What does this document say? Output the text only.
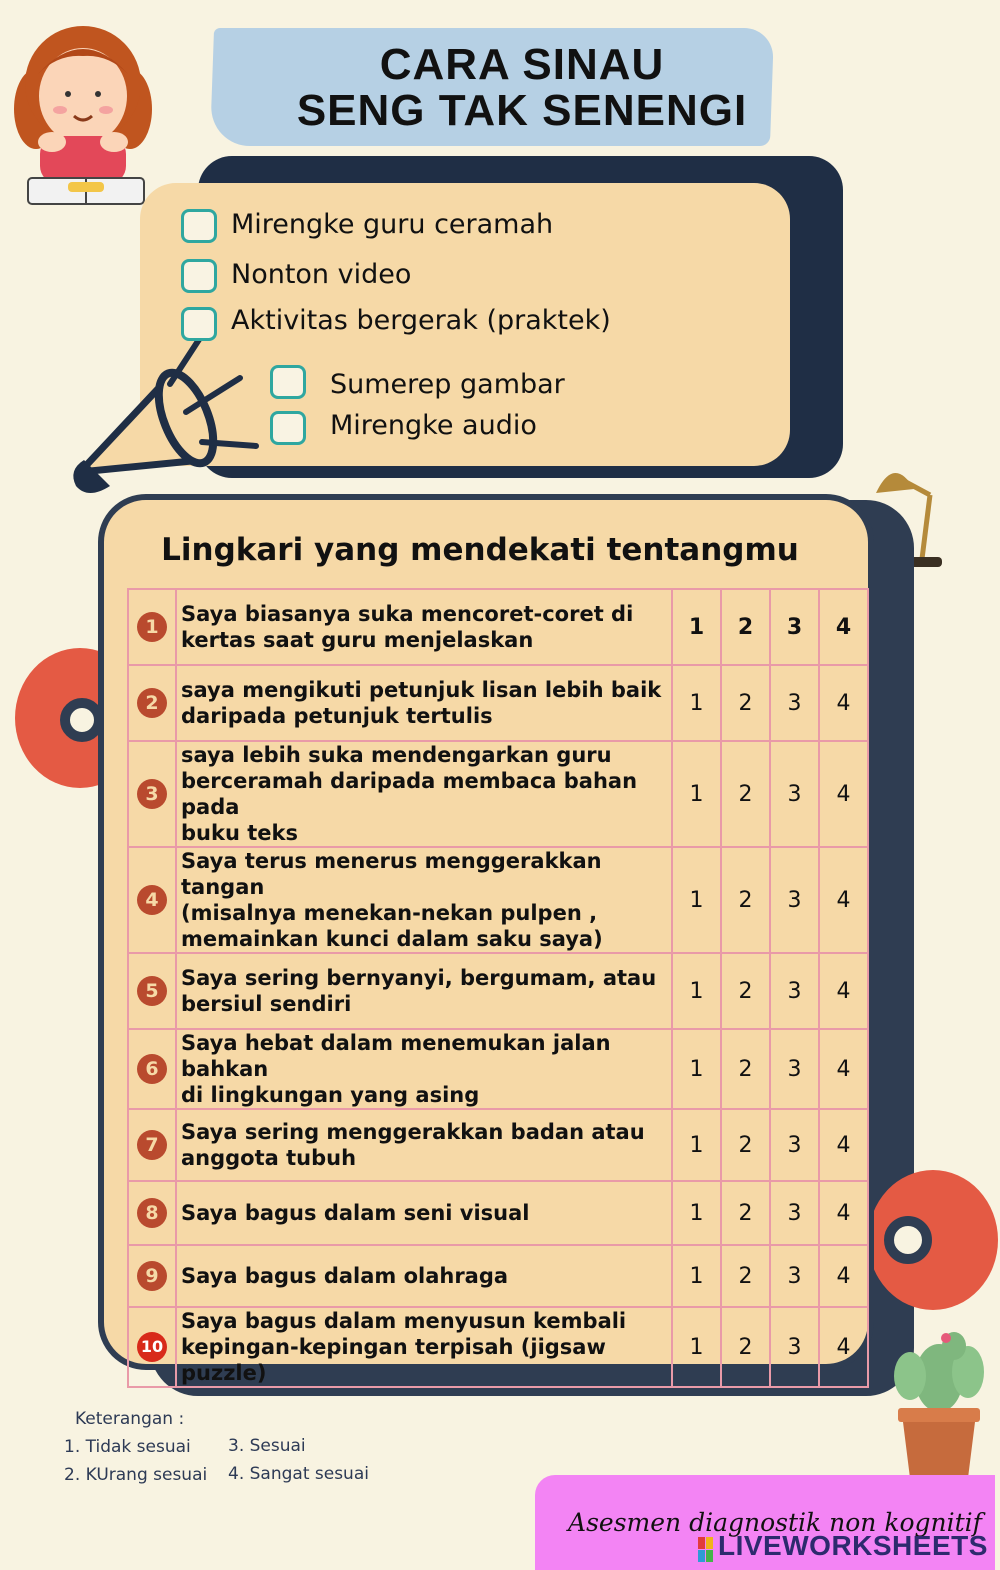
CARA SINAU
SENG TAK SENENGI
Mirengke guru ceramah
Nonton video
Aktivitas bergerak (praktek)
Sumerep gambar
Mirengke audio
Lingkari yang mendekati tentangmu
1	Saya biasanya suka mencoret-coret di
kertas saat guru menjelaskan	1	2	3	4
2	saya mengikuti petunjuk lisan lebih baik
daripada petunjuk tertulis	1	2	3	4
3	saya lebih suka mendengarkan guru
berceramah daripada membaca bahan pada
buku teks	1	2	3	4
4	Saya terus menerus menggerakkan tangan
(misalnya menekan-nekan pulpen ,
memainkan kunci dalam saku saya)	1	2	3	4
5	Saya sering bernyanyi, bergumam, atau
bersiul sendiri	1	2	3	4
6	Saya hebat dalam menemukan jalan bahkan
di lingkungan yang asing	1	2	3	4
7	Saya sering menggerakkan badan atau
anggota tubuh	1	2	3	4
8	Saya bagus dalam seni visual	1	2	3	4
9	Saya bagus dalam olahraga	1	2	3	4
10	Saya bagus dalam menyusun kembali
kepingan-kepingan terpisah (jigsaw puzzle)	1	2	3	4
Keterangan :
1. Tidak sesuai
2. KUrang sesuai
3. Sesuai
4. Sangat sesuai
Asesmen diagnostik non kognitif
LIVEWORKSHEETS
